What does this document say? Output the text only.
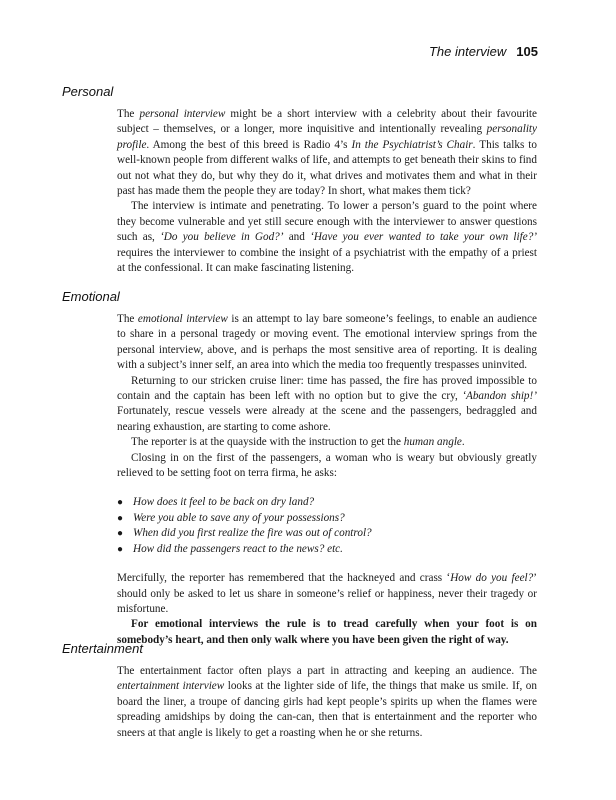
The interview 105
Personal

The personal interview might be a short interview with a celebrity about their favourite subject – themselves, or a longer, more inquisitive and intentionally revealing personality profile. Among the best of this breed is Radio 4’s In the Psychiatrist’s Chair. This talks to well-known people from different walks of life, and attempts to get beneath their skins to find out not what they do, but why they do it, what drives and motivates them and what in their past has made them the people they are today? In short, what makes them tick?

The interview is intimate and penetrating. To lower a person’s guard to the point where they become vulnerable and yet still secure enough with the interviewer to answer questions such as, ‘Do you believe in God?’ and ‘Have you ever wanted to take your own life?’ requires the interviewer to combine the insight of a psychiatrist with the empathy of a priest at the confessional. It can make fascinating listening.

Emotional

The emotional interview is an attempt to lay bare someone’s feelings, to enable an audience to share in a personal tragedy or moving event. The emotional interview springs from the personal interview, above, and is perhaps the most sensitive area of reporting. It is dealing with a subject’s inner self, an area into which the media too frequently trespasses uninvited.

Returning to our stricken cruise liner: time has passed, the fire has proved impossible to contain and the captain has been left with no option but to give the cry, ‘Abandon ship!’ Fortunately, rescue vessels were already at the scene and the passengers, bedraggled and nearing exhaustion, are starting to come ashore.

The reporter is at the quayside with the instruction to get the human angle.

Closing in on the first of the passengers, a woman who is weary but obviously greatly relieved to be setting foot on terra firma, he asks:

● How does it feel to be back on dry land?
● Were you able to save any of your possessions?
● When did you first realize the fire was out of control?
● How did the passengers react to the news? etc.

Mercifully, the reporter has remembered that the hackneyed and crass ‘How do you feel?’ should only be asked to let us share in someone’s relief or happiness, never their tragedy or misfortune.

For emotional interviews the rule is to tread carefully when your foot is on somebody’s heart, and then only walk where you have been given the right of way.

Entertainment

The entertainment factor often plays a part in attracting and keeping an audience. The entertainment interview looks at the lighter side of life, the things that make us smile. If, on board the liner, a troupe of dancing girls had kept people’s spirits up when the flames were spreading amidships by doing the can-can, then that is entertainment and the reporter who sneers at that angle is likely to get a roasting when he or she returns.
